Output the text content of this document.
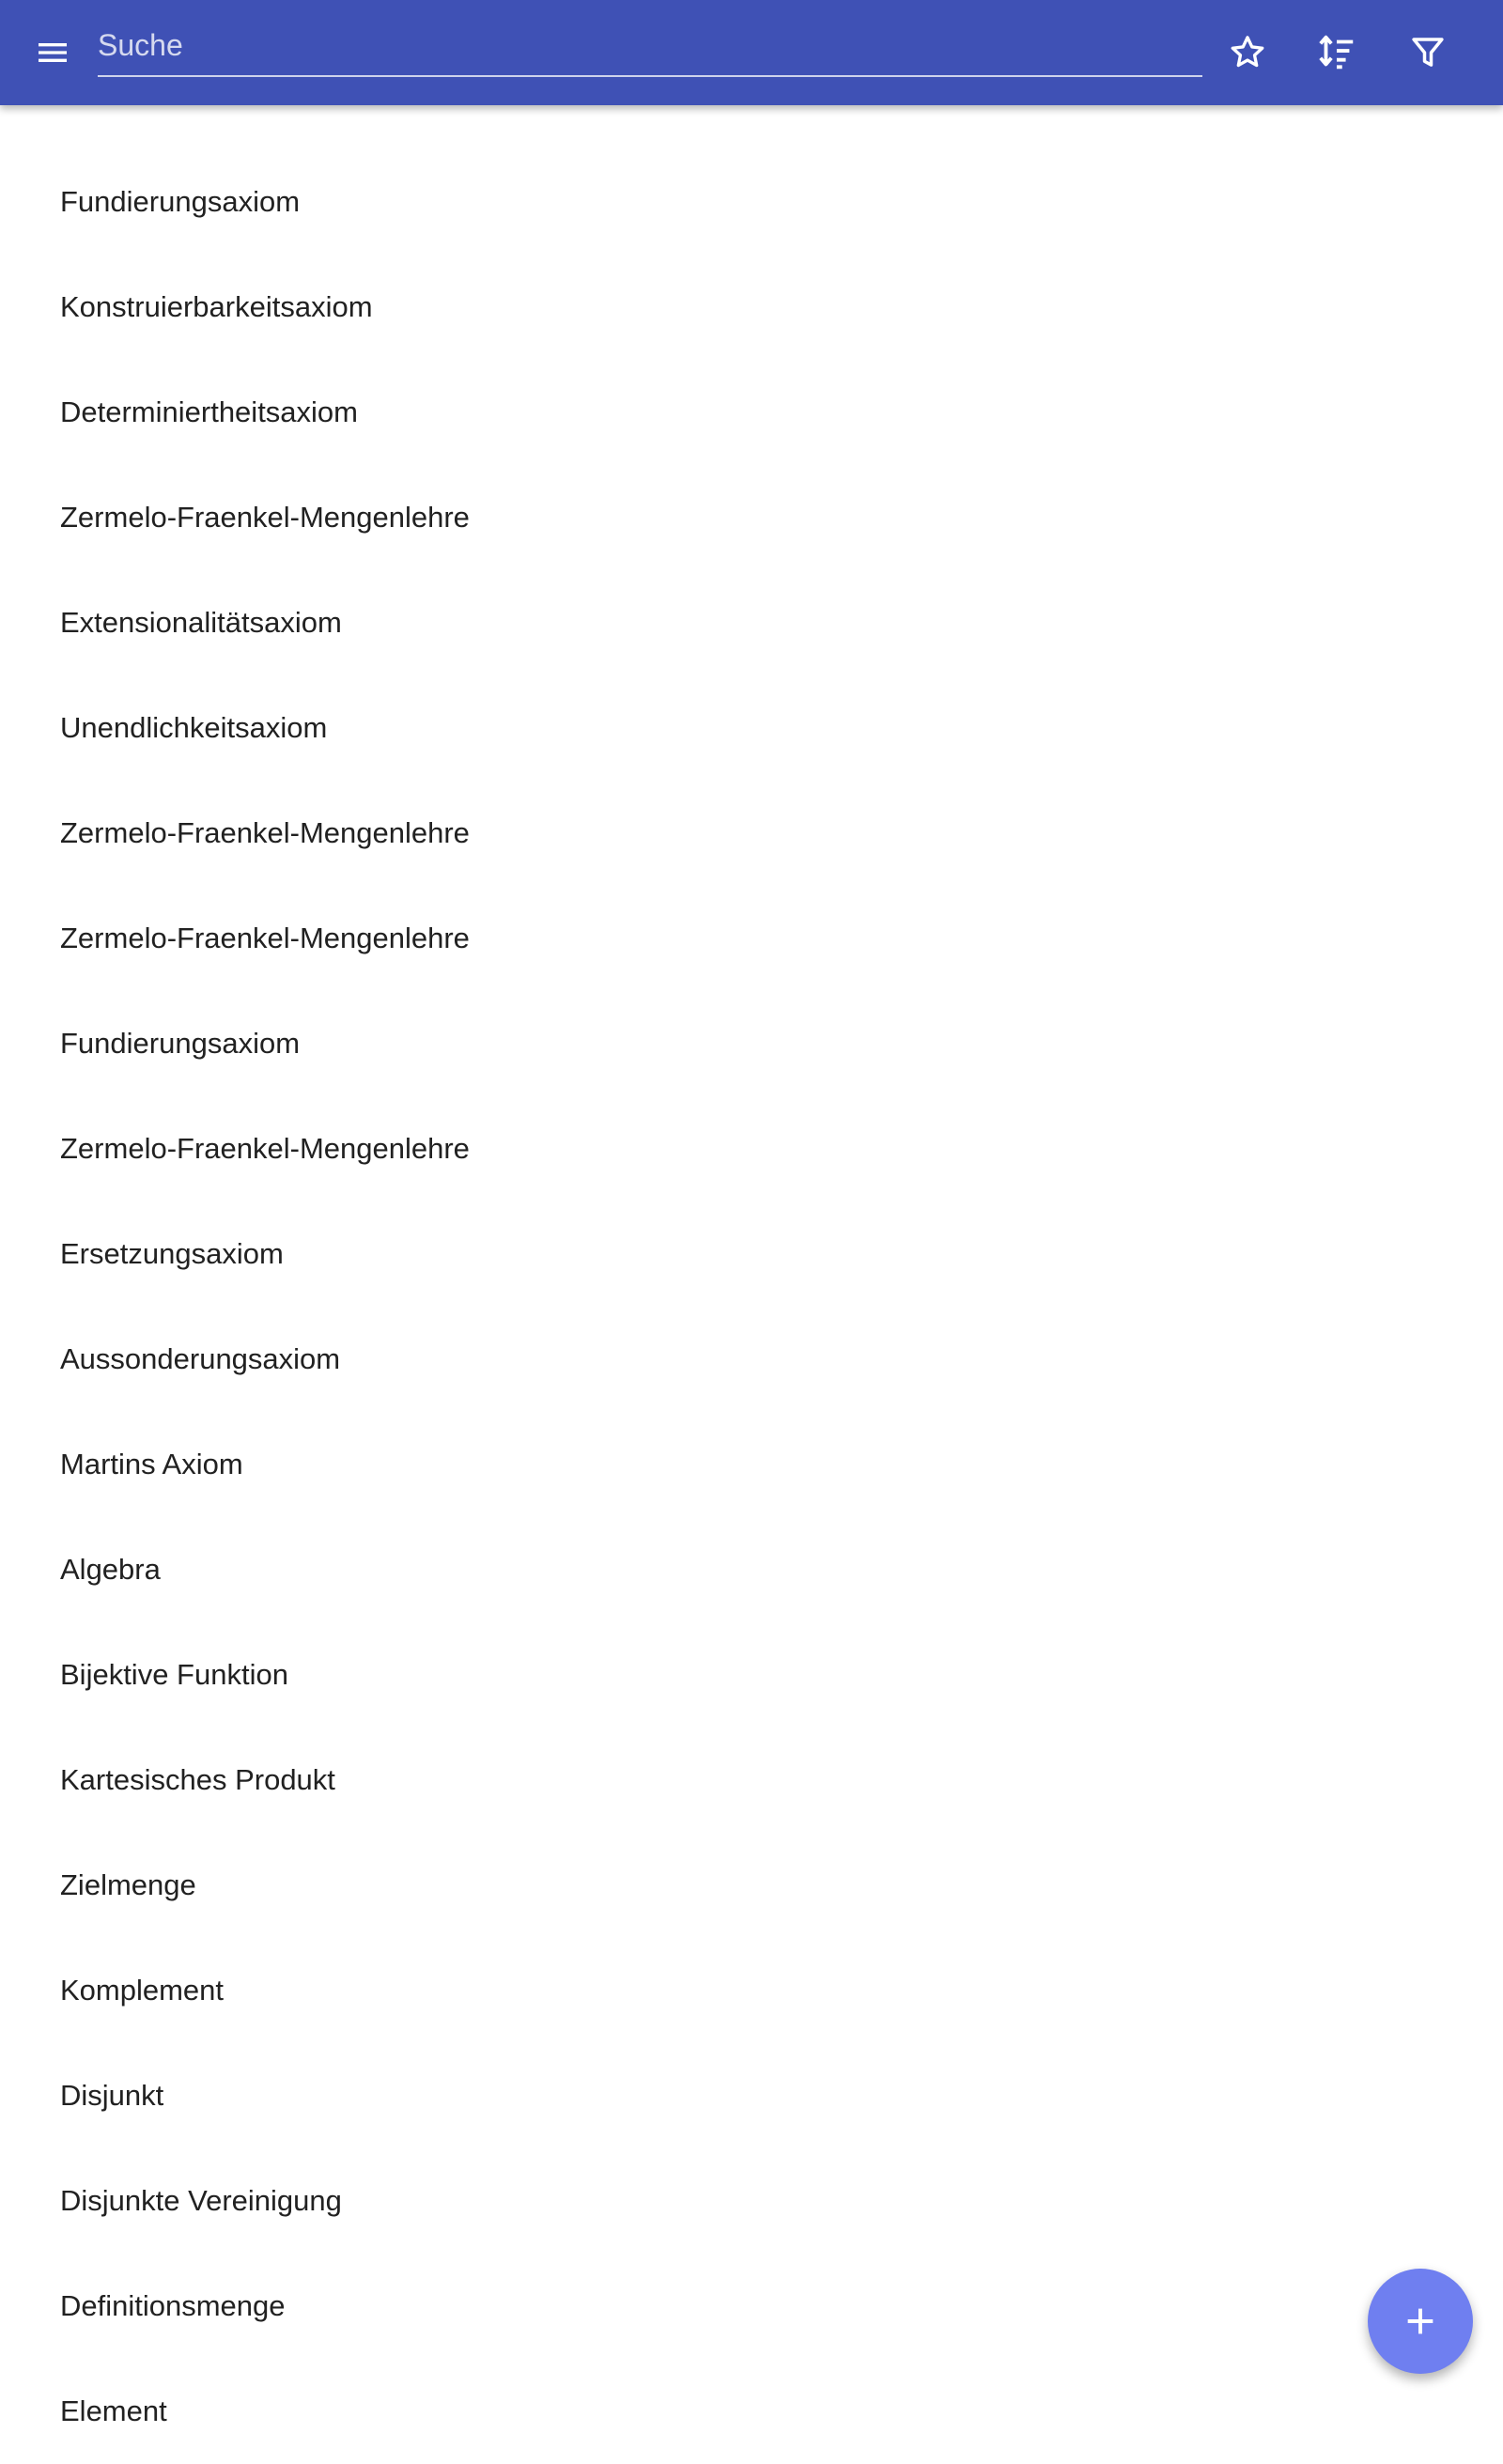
Suche
Fundierungsaxiom
Konstruierbarkeitsaxiom
Determiniertheitsaxiom
Zermelo-Fraenkel-Mengenlehre
Extensionalitätsaxiom
Unendlichkeitsaxiom
Zermelo-Fraenkel-Mengenlehre
Zermelo-Fraenkel-Mengenlehre
Fundierungsaxiom
Zermelo-Fraenkel-Mengenlehre
Ersetzungsaxiom
Aussonderungsaxiom
Martins Axiom
Algebra
Bijektive Funktion
Kartesisches Produkt
Zielmenge
Komplement
Disjunkt
Disjunkte Vereinigung
Definitionsmenge
Element
